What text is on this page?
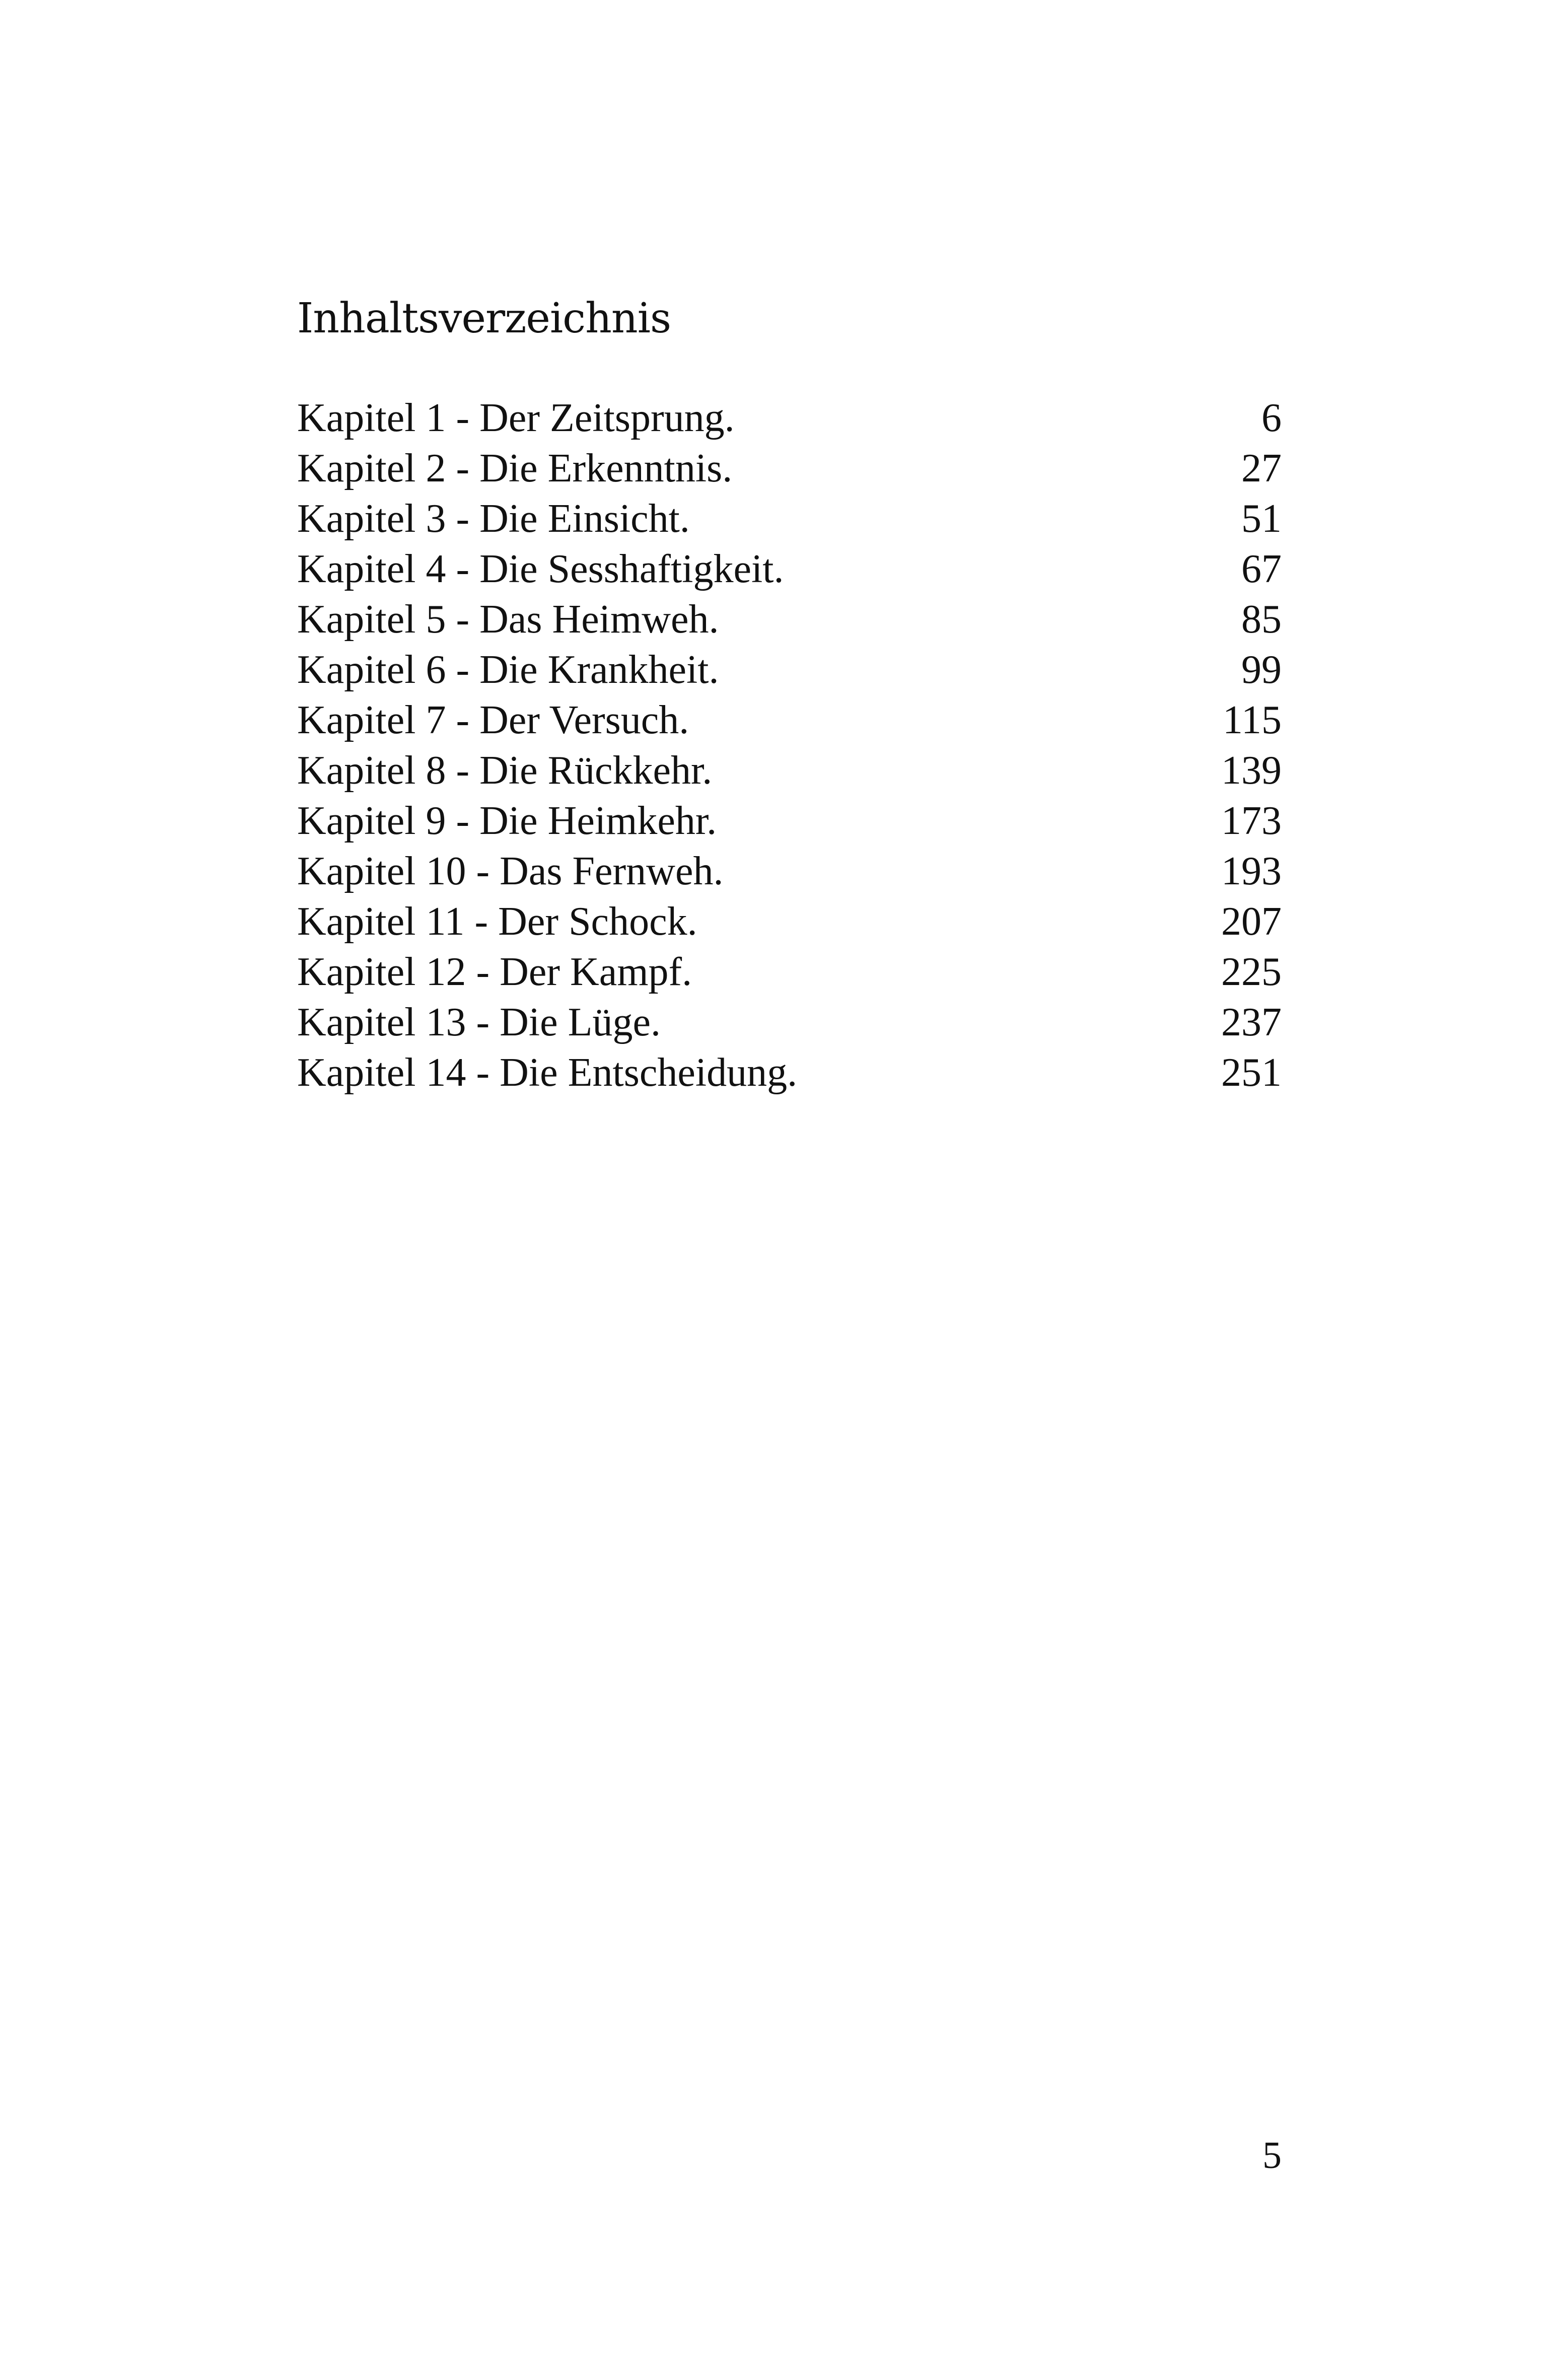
Inhaltsverzeichnis
Kapitel 1 - Der Zeitsprung.	6
Kapitel 2 - Die Erkenntnis.	27
Kapitel 3 - Die Einsicht.	51
Kapitel 4 - Die Sesshaftigkeit.	67
Kapitel 5 - Das Heimweh.	85
Kapitel 6 - Die Krankheit.	99
Kapitel 7 - Der Versuch.	115
Kapitel 8 - Die Rückkehr.	139
Kapitel 9 - Die Heimkehr.	173
Kapitel 10 - Das Fernweh.	193
Kapitel 11 - Der Schock.	207
Kapitel 12 - Der Kampf.	225
Kapitel 13 - Die Lüge.	237
Kapitel 14 - Die Entscheidung.	251
5
